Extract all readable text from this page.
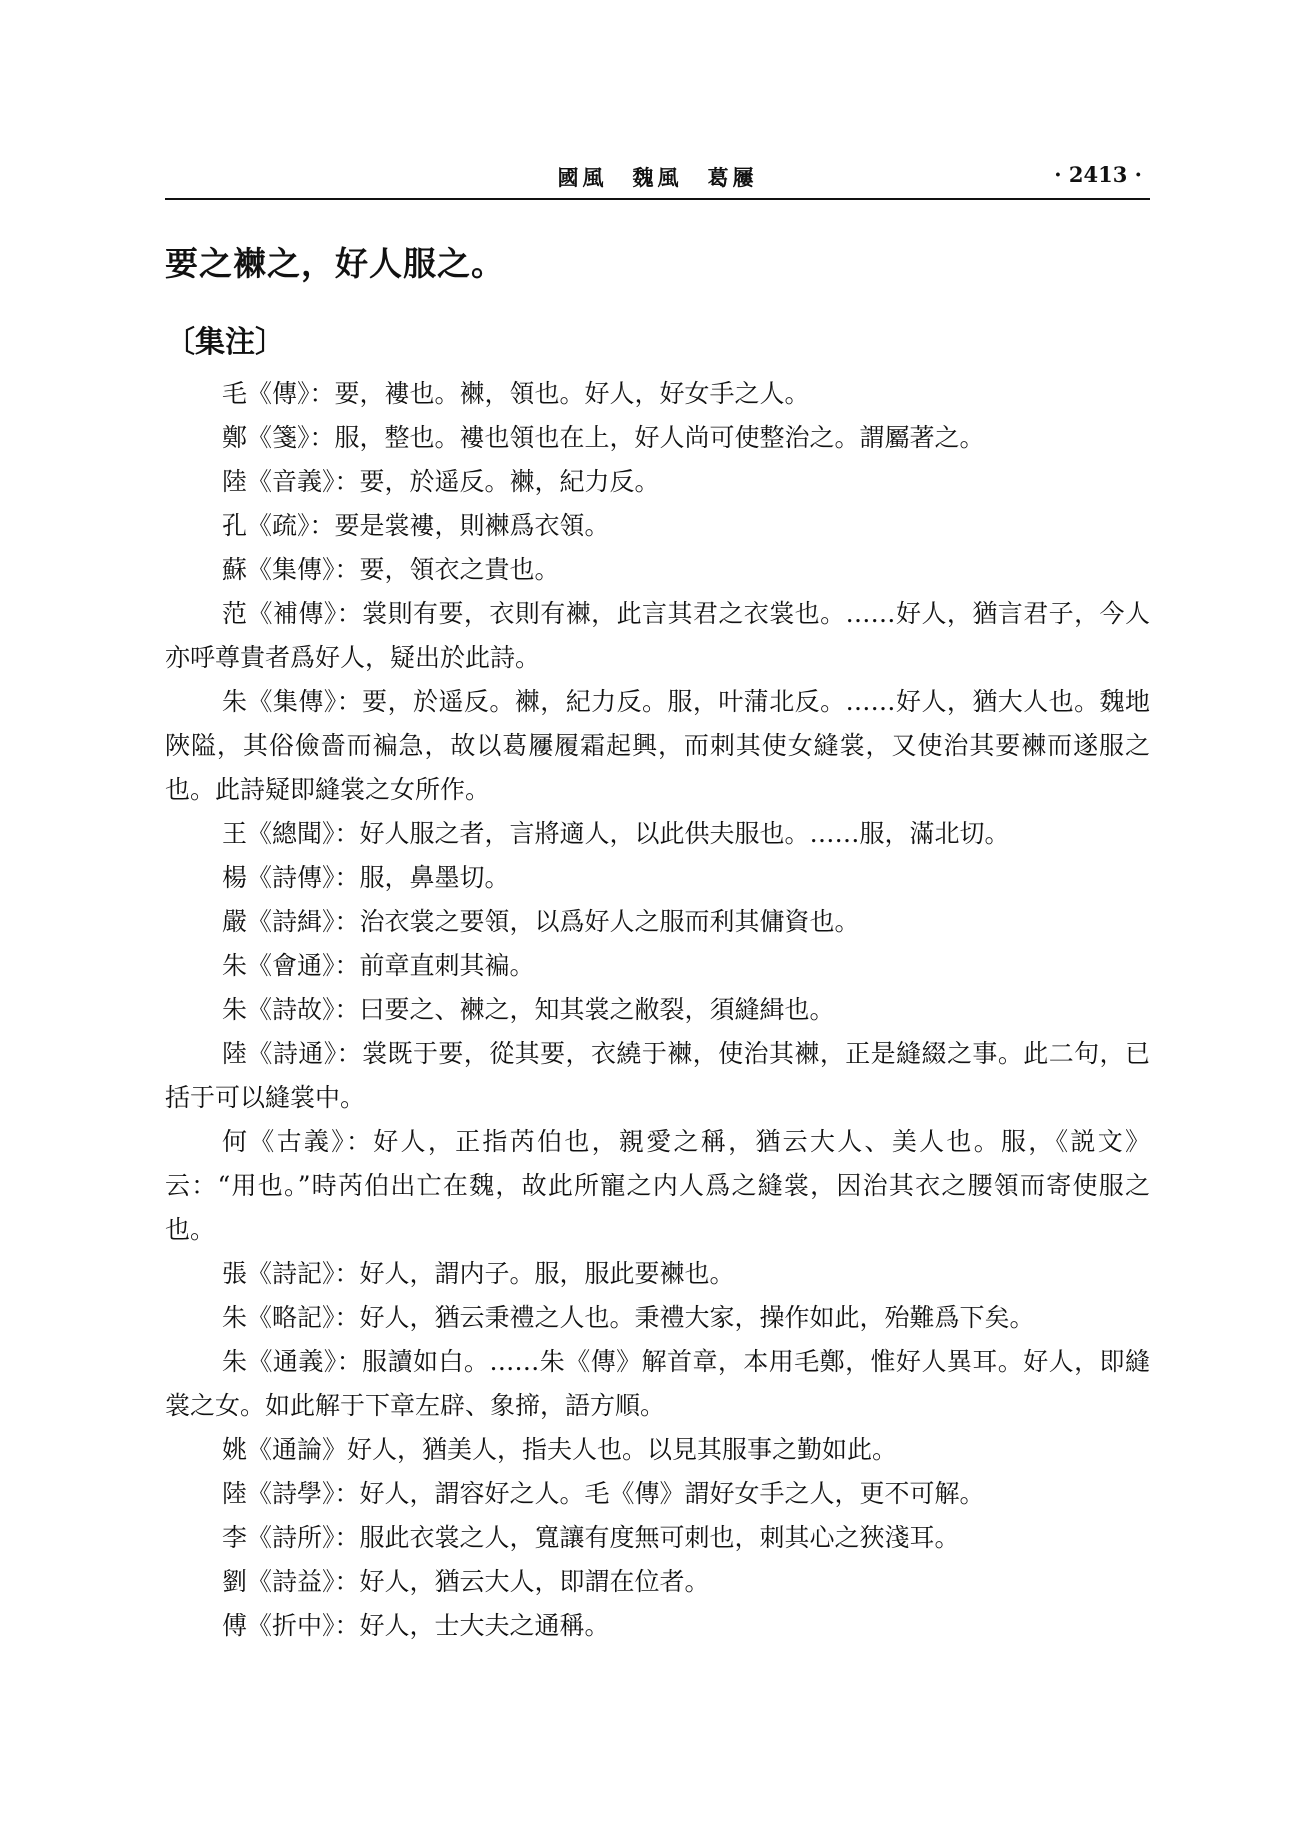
國風　魏風　葛屨	· 2413 ·
要之襋之，好人服之。
〔集注〕

毛《傳》：要，褸也。襋，領也。好人，好女手之人。

鄭《箋》：服，整也。褸也領也在上，好人尚可使整治之。謂屬著之。

陸《音義》：要，於遥反。襋，紀力反。

孔《疏》：要是裳褸，則襋爲衣領。

蘇《集傳》：要，領衣之貴也。

范《補傳》：裳則有要，衣則有襋，此言其君之衣裳也。……好人，猶言君子，今人亦呼尊貴者爲好人，疑出於此詩。

朱《集傳》：要，於遥反。襋，紀力反。服，叶蒲北反。……好人，猶大人也。魏地陜隘，其俗儉嗇而褊急，故以葛屨履霜起興，而刺其使女縫裳，又使治其要襋而遂服之也。此詩疑即縫裳之女所作。

王《總聞》：好人服之者，言將適人，以此供夫服也。……服，滿北切。

楊《詩傳》：服，鼻墨切。

嚴《詩緝》：治衣裳之要領，以爲好人之服而利其傭資也。

朱《會通》：前章直刺其褊。

朱《詩故》：曰要之、襋之，知其裳之敝裂，須縫緝也。

陸《詩通》：裳既于要，從其要，衣繞于襋，使治其襋，正是縫綴之事。此二句，已括于可以縫裳中。

何《古義》：好人，正指芮伯也，親愛之稱，猶云大人、美人也。服，《説文》云：“用也。”時芮伯出亡在魏，故此所寵之内人爲之縫裳，因治其衣之腰領而寄使服之也。

張《詩記》：好人，謂内子。服，服此要襋也。

朱《略記》：好人，猶云秉禮之人也。秉禮大家，操作如此，殆難爲下矣。

朱《通義》：服讀如白。……朱《傳》解首章，本用毛鄭，惟好人異耳。好人，即縫裳之女。如此解于下章左辟、象揥，語方順。

姚《通論》好人，猶美人，指夫人也。以見其服事之勤如此。

陸《詩學》：好人，謂容好之人。毛《傳》謂好女手之人，更不可解。

李《詩所》：服此衣裳之人，寬讓有度無可刺也，刺其心之狹淺耳。

劉《詩益》：好人，猶云大人，即謂在位者。

傅《折中》：好人，士大夫之通稱。
